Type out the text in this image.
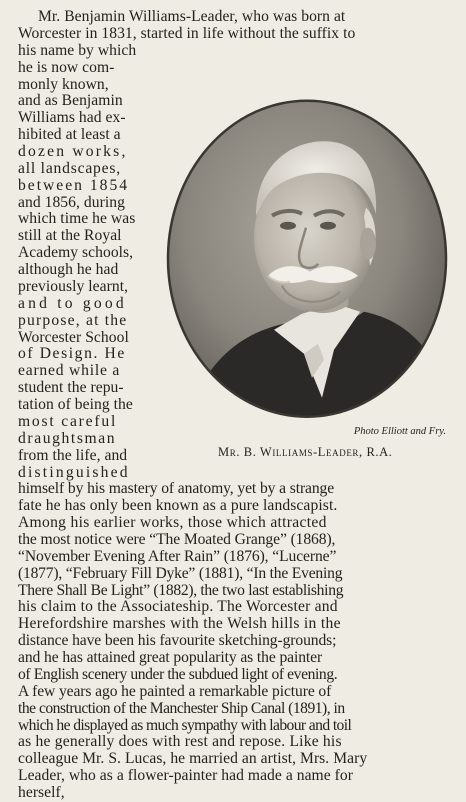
Mr. Benjamin Williams-Leader, who was born at
Worcester in 1831, started in life without the suffix to
his name by which
he is now com-
monly known,
and as Benjamin
Williams had ex-
hibited at least a
dozen works,
all landscapes,
between 1854
and 1856, during
which time he was
still at the Royal
Academy schools,
although he had
previously learnt,
and to good
purpose, at the
Worcester School
of Design. He
earned while a
student the repu-
tation of being the
most careful
draughtsman
from the life, and
distinguished
himself by his mastery of anatomy, yet by a strange
fate he has only been known as a pure landscapist.
Among his earlier works, those which attracted
the most notice were “The Moated Grange” (1868),
“November Evening After Rain” (1876), “Lucerne”
(1877), “February Fill Dyke” (1881), “In the Evening
There Shall Be Light” (1882), the two last establishing
his claim to the Associateship. The Worcester and
Herefordshire marshes with the Welsh hills in the
distance have been his favourite sketching-grounds;
and he has attained great popularity as the painter
of English scenery under the subdued light of evening.
A few years ago he painted a remarkable picture of
the construction of the Manchester Ship Canal (1891), in
which he displayed as much sympathy with labour and toil
as he generally does with rest and repose. Like his
Photo Elliott and Fry.
Mr. B. Williams-Leader, R.A.
colleague Mr. S. Lucas, he married an artist, Mrs. Mary
Leader, who as a flower-painter had made a name for
herself,
